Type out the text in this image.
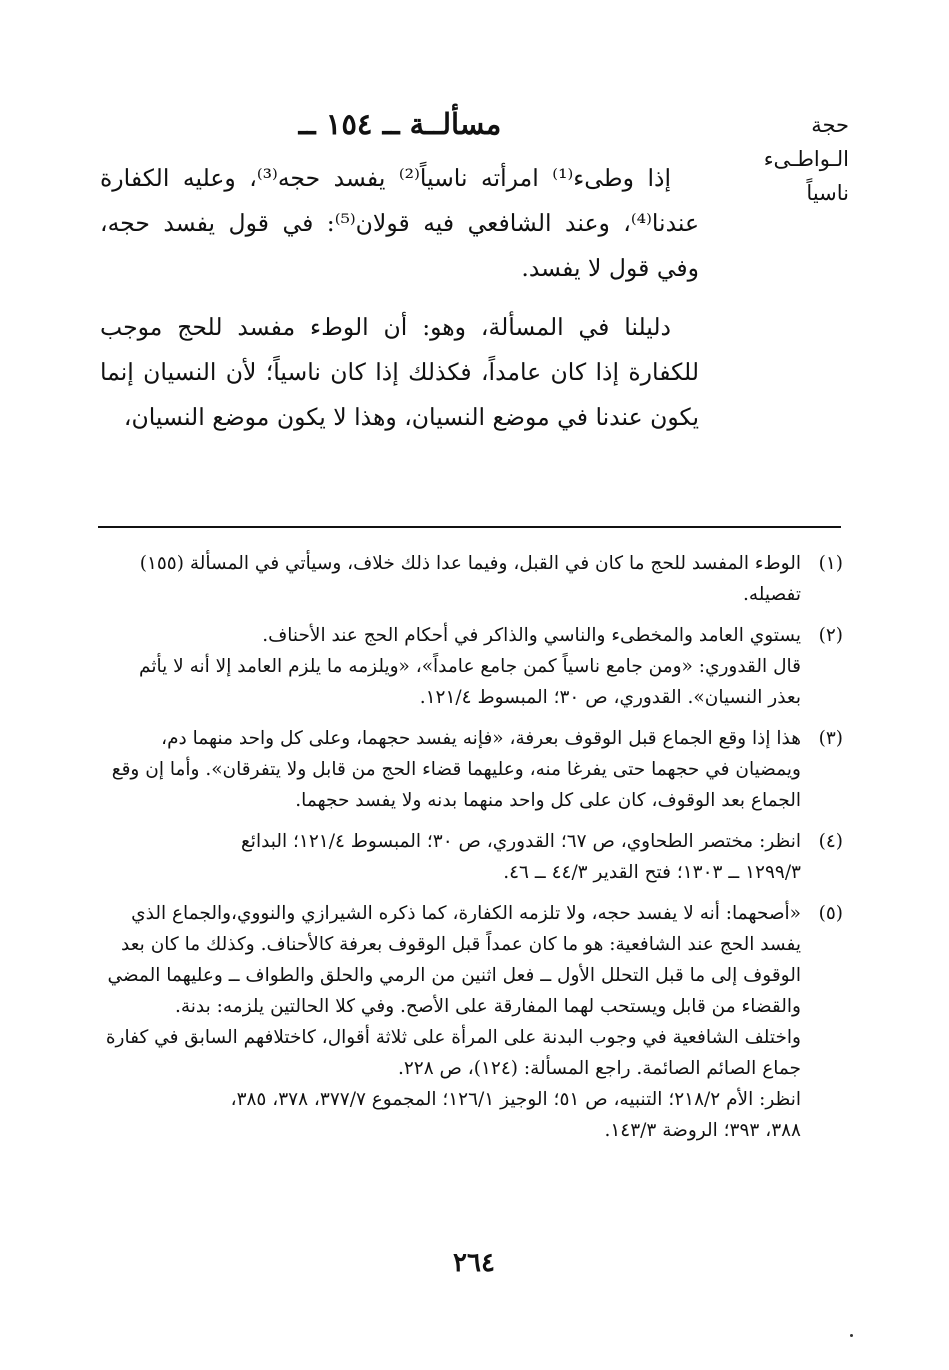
حجة الـواطـىء
ناسياً
مسألــة ــ ١٥٤ ــ

إذا وطىء⁽¹⁾ امرأته ناسياً⁽²⁾ يفسد حجه⁽³⁾، وعليه الكفارة عندنا⁽⁴⁾، وعند الشافعي فيه قولان⁽⁵⁾: في قول يفسد حجه، وفي قول لا يفسد.

دليلنا في المسألة، وهو: أن الوطء مفسد للحج موجب للكفارة إذا كان عامداً، فكذلك إذا كان ناسياً؛ لأن النسيان إنما يكون عندنا في موضع النسيان، وهذا لا يكون موضع النسيان،

(١)
الوطء المفسد للحج ما كان في القبل، وفيما عدا ذلك خلاف، وسيأتي في المسألة (١٥٥)
تفصيله.
(٢)
يستوي العامد والمخطىء والناسي والذاكر في أحكام الحج عند الأحناف.
قال القدوري: «ومن جامع ناسياً كمن جامع عامداً»، «ويلزمه ما يلزم العامد إلا أنه لا يأثم
بعذر النسيان». القدوري، ص ٣٠؛ المبسوط ١٢١/٤.
(٣)
هذا إذا وقع الجماع قبل الوقوف بعرفة، «فإنه يفسد حجهما، وعلى كل واحد منهما دم،
ويمضيان في حجهما حتى يفرغا منه، وعليهما قضاء الحج من قابل ولا يتفرقان». وأما إن وقع
الجماع بعد الوقوف، كان على كل واحد منهما بدنه ولا يفسد حجهما.
(٤)
انظر: مختصر الطحاوي، ص ٦٧؛ القدوري، ص ٣٠؛ المبسوط ١٢١/٤؛ البدائع
١٢٩٩/٣ ــ ١٣٠٣؛ فتح القدير ٤٤/٣ ــ ٤٦.
(٥)
«أصحهما: أنه لا يفسد حجه، ولا تلزمه الكفارة، كما ذكره الشيرازي والنووي،والجماع الذي
يفسد الحج عند الشافعية: هو ما كان عمداً قبل الوقوف بعرفة كالأحناف. وكذلك ما كان بعد
الوقوف إلى ما قبل التحلل الأول ــ فعل اثنين من الرمي والحلق والطواف ــ وعليهما المضي
والقضاء من قابل ويستحب لهما المفارقة على الأصح. وفي كلا الحالتين يلزمه: بدنة.
واختلف الشافعية في وجوب البدنة على المرأة على ثلاثة أقوال، كاختلافهم السابق في كفارة
جماع الصائم الصائمة. راجع المسألة: (١٢٤)، ص ٢٢٨.
انظر: الأم ٢١٨/٢؛ التنبيه، ص ٥١؛ الوجيز ١٢٦/١؛ المجموع ٣٧٧/٧، ٣٧٨، ٣٨٥،
٣٨٨، ٣٩٣؛ الروضة ١٤٣/٣.
٢٦٤
